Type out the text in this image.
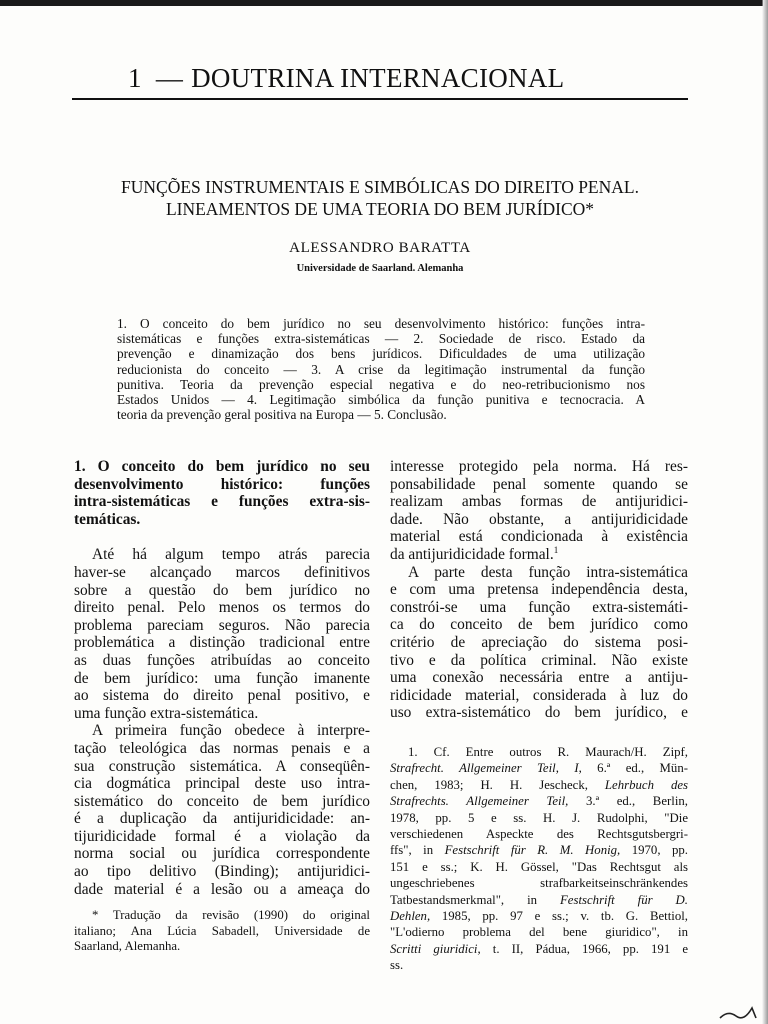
1 — DOUTRINA INTERNACIONAL
FUNÇÕES INSTRUMENTAIS E SIMBÓLICAS DO DIREITO PENAL.
LINEAMENTOS DE UMA TEORIA DO BEM JURÍDICO*
ALESSANDRO BARATTA
Universidade de Saarland. Alemanha
1. O conceito do bem jurídico no seu desenvolvimento histórico: funções intra-
sistemáticas e funções extra-sistemáticas — 2. Sociedade de risco. Estado da
prevenção e dinamização dos bens jurídicos. Dificuldades de uma utilização
reducionista do conceito — 3. A crise da legitimação instrumental da função
punitiva. Teoria da prevenção especial negativa e do neo-retribucionismo nos
Estados Unidos — 4. Legitimação simbólica da função punitiva e tecnocracia. A
teoria da prevenção geral positiva na Europa — 5. Conclusão.
1. O conceito do bem jurídico no seu
desenvolvimento histórico: funções
intra-sistemáticas e funções extra-sis-
temáticas.
Até há algum tempo atrás parecia
haver-se alcançado marcos definitivos
sobre a questão do bem jurídico no
direito penal. Pelo menos os termos do
problema pareciam seguros. Não parecia
problemática a distinção tradicional entre
as duas funções atribuídas ao conceito
de bem jurídico: uma função imanente
ao sistema do direito penal positivo, e
uma função extra-sistemática.
A primeira função obedece à interpre-
tação teleológica das normas penais e a
sua construção sistemática. A conseqüên-
cia dogmática principal deste uso intra-
sistemático do conceito de bem jurídico
é a duplicação da antijuridicidade: an-
tijuridicidade formal é a violação da
norma social ou jurídica correspondente
ao tipo delitivo (Binding); antijuridici-
dade material é a lesão ou a ameaça do
* Tradução da revisão (1990) do original
italiano; Ana Lúcia Sabadell, Universidade de
Saarland, Alemanha.
interesse protegido pela norma. Há res-
ponsabilidade penal somente quando se
realizam ambas formas de antijuridici-
dade. Não obstante, a antijuridicidade
material está condicionada à existência
da antijuridicidade formal.$^1$
A parte desta função intra-sistemática
e com uma pretensa independência desta,
constrói-se uma função extra-sistemáti-
ca do conceito de bem jurídico como
critério de apreciação do sistema posi-
tivo e da política criminal. Não existe
uma conexão necessária entre a antiju-
ridicidade material, considerada à luz do
uso extra-sistemático do bem jurídico, e
1. Cf. Entre outros R. Maurach/H. Zipf,
Strafrecht. Allgemeiner Teil, I, 6.ª ed., Mün-
chen, 1983; H. H. Jescheck, Lehrbuch des
Strafrechts. Allgemeiner Teil, 3.ª ed., Berlin,
1978, pp. 5 e ss. H. J. Rudolphi, "Die
verschiedenen Aspeckte des Rechtsgutsbergri-
ffs", in Festschrift für R. M. Honig, 1970, pp.
151 e ss.; K. H. Gössel, "Das Rechtsgut als
ungeschriebenes strafbarkeitseinschränkendes
Tatbestandsmerkmal", in Festschrift für D.
Dehlen, 1985, pp. 97 e ss.; v. tb. G. Bettiol,
"L'odierno problema del bene giuridico", in
Scritti giuridici, t. II, Pádua, 1966, pp. 191 e
ss.
